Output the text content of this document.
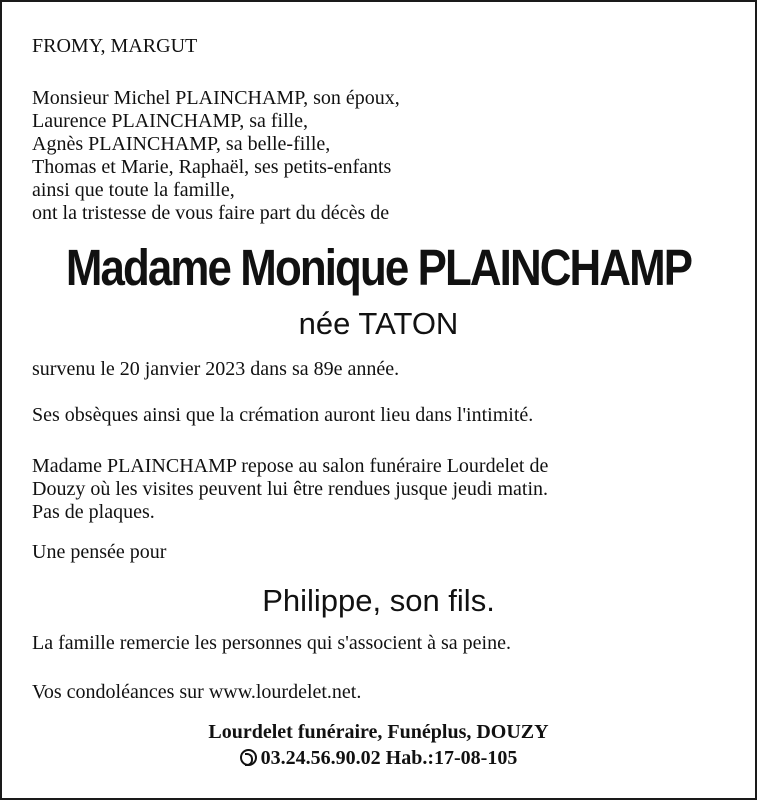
FROMY, MARGUT
Monsieur Michel PLAINCHAMP, son époux,
Laurence PLAINCHAMP, sa fille,
Agnès PLAINCHAMP, sa belle-fille,
Thomas et Marie, Raphaël, ses petits-enfants
ainsi que toute la famille,
ont la tristesse de vous faire part du décès de
Madame Monique PLAINCHAMP
née TATON
survenu le 20 janvier 2023 dans sa 89e année.
Ses obsèques ainsi que la crémation auront lieu dans l'intimité.
Madame PLAINCHAMP repose au salon funéraire Lourdelet de
Douzy où les visites peuvent lui être rendues jusque jeudi matin.
Pas de plaques.
Une pensée pour
Philippe, son fils.
La famille remercie les personnes qui s'associent à sa peine.
Vos condoléances sur www.lourdelet.net.
Lourdelet funéraire, Funéplus, DOUZY
03.24.56.90.02 Hab.:17-08-105
